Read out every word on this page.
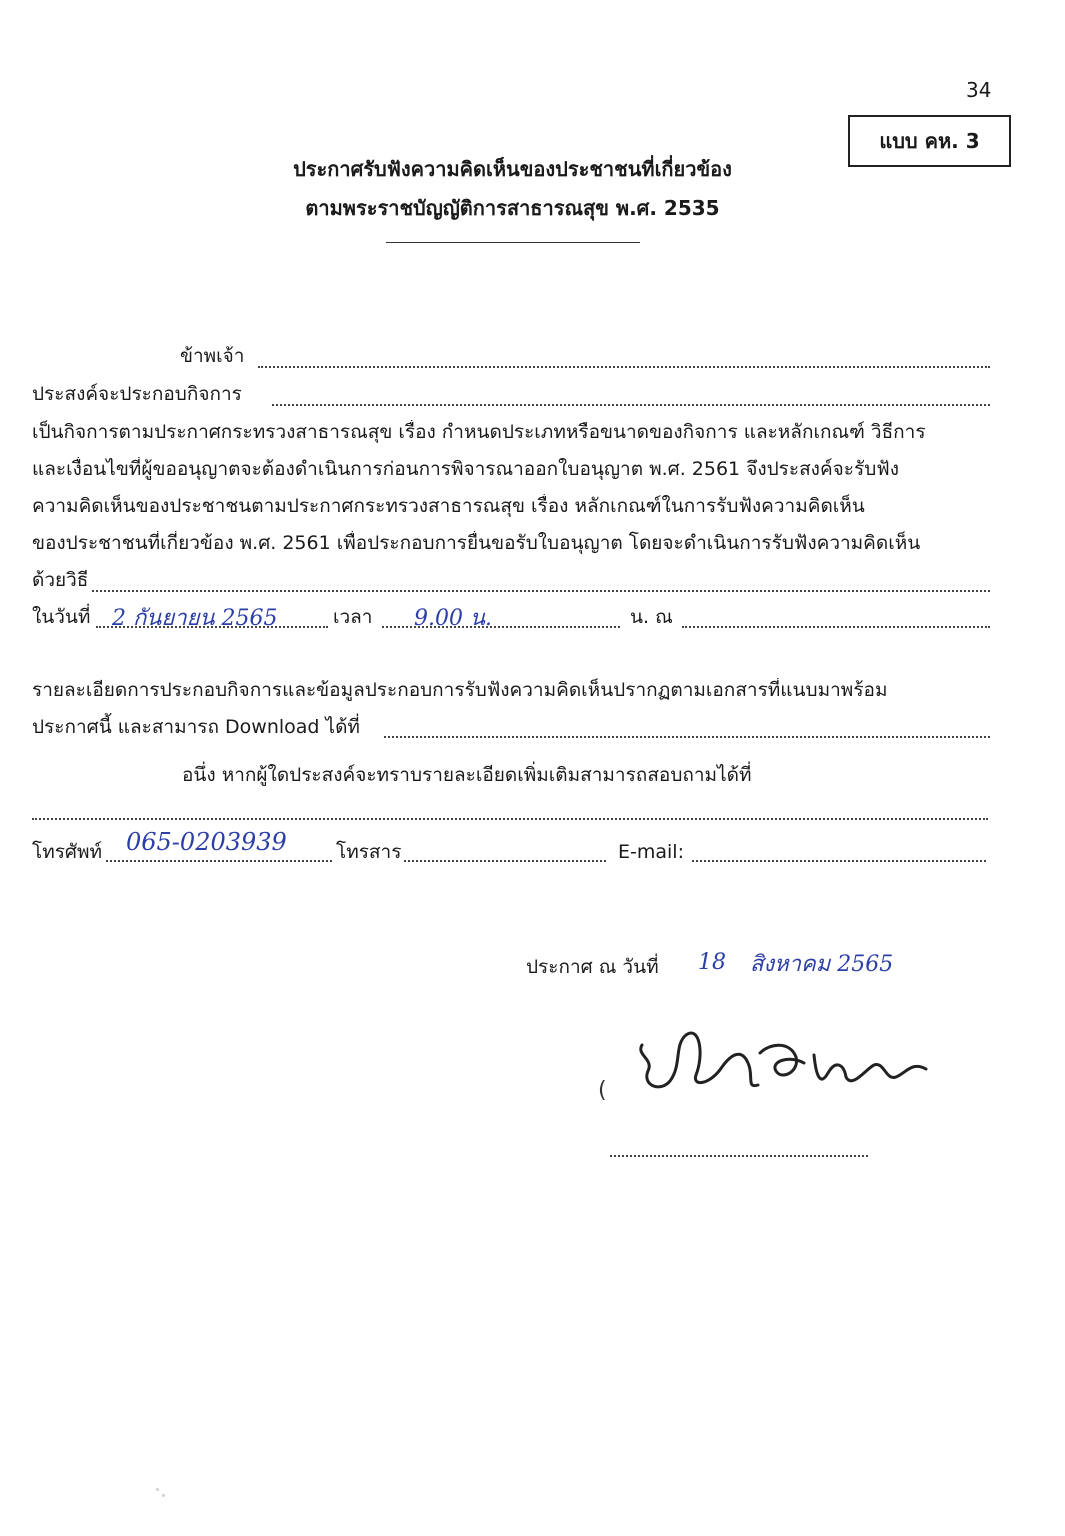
34
แบบ คห. 3
ประกาศรับฟังความคิดเห็นของประชาชนที่เกี่ยวข้อง
ตามพระราชบัญญัติการสาธารณสุข พ.ศ. 2535
ข้าพเจ้า
ประสงค์จะประกอบกิจการ
เป็นกิจการตามประกาศกระทรวงสาธารณสุข เรื่อง กำหนดประเภทหรือขนาดของกิจการ และหลักเกณฑ์ วิธีการ
และเงื่อนไขที่ผู้ขออนุญาตจะต้องดำเนินการก่อนการพิจารณาออกใบอนุญาต พ.ศ. 2561 จึงประสงค์จะรับฟัง
ความคิดเห็นของประชาชนตามประกาศกระทรวงสาธารณสุข เรื่อง หลักเกณฑ์ในการรับฟังความคิดเห็น
ของประชาชนที่เกี่ยวข้อง พ.ศ. 2561 เพื่อประกอบการยื่นขอรับใบอนุญาต โดยจะดำเนินการรับฟังความคิดเห็น
ด้วยวิธี
ในวันที่ 2 กันยายน 2565	เวลา 9.00 น.	น. ณ
รายละเอียดการประกอบกิจการและข้อมูลประกอบการรับฟังความคิดเห็นปรากฏตามเอกสารที่แนบมาพร้อม
ประกาศนี้ และสามารถ Download ได้ที่
อนึ่ง หากผู้ใดประสงค์จะทราบรายละเอียดเพิ่มเติมสามารถสอบถามได้ที่
โทรศัพท์ 065-0203939	โทรสาร	E-mail:
ประกาศ ณ วันที่ 18 สิงหาคม 2565
(
